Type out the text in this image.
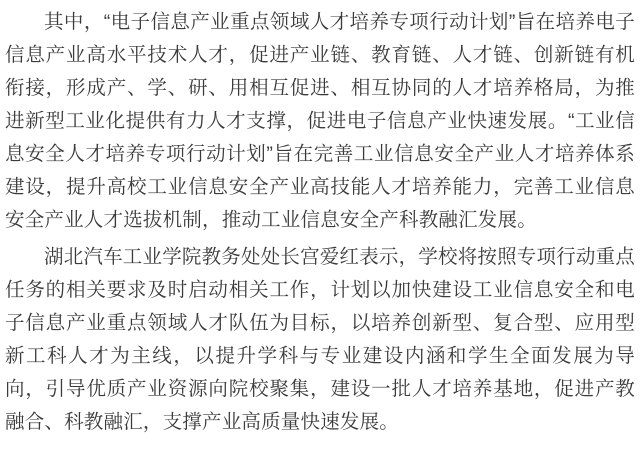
其中，“电子信息产业重点领域人才培养专项行动计划”旨在培养电子信息产业高水平技术人才，促进产业链、教育链、人才链、创新链有机衔接，形成产、学、研、用相互促进、相互协同的人才培养格局，为推进新型工业化提供有力人才支撑，促进电子信息产业快速发展。“工业信息安全人才培养专项行动计划”旨在完善工业信息安全产业人才培养体系建设，提升高校工业信息安全产业高技能人才培养能力，完善工业信息安全产业人才选拔机制，推动工业信息安全产科教融汇发展。

湖北汽车工业学院教务处处长宫爱红表示，学校将按照专项行动重点任务的相关要求及时启动相关工作，计划以加快建设工业信息安全和电子信息产业重点领域人才队伍为目标，以培养创新型、复合型、应用型新工科人才为主线，以提升学科与专业建设内涵和学生全面发展为导向，引导优质产业资源向院校聚集，建设一批人才培养基地，促进产教融合、科教融汇，支撑产业高质量快速发展。
